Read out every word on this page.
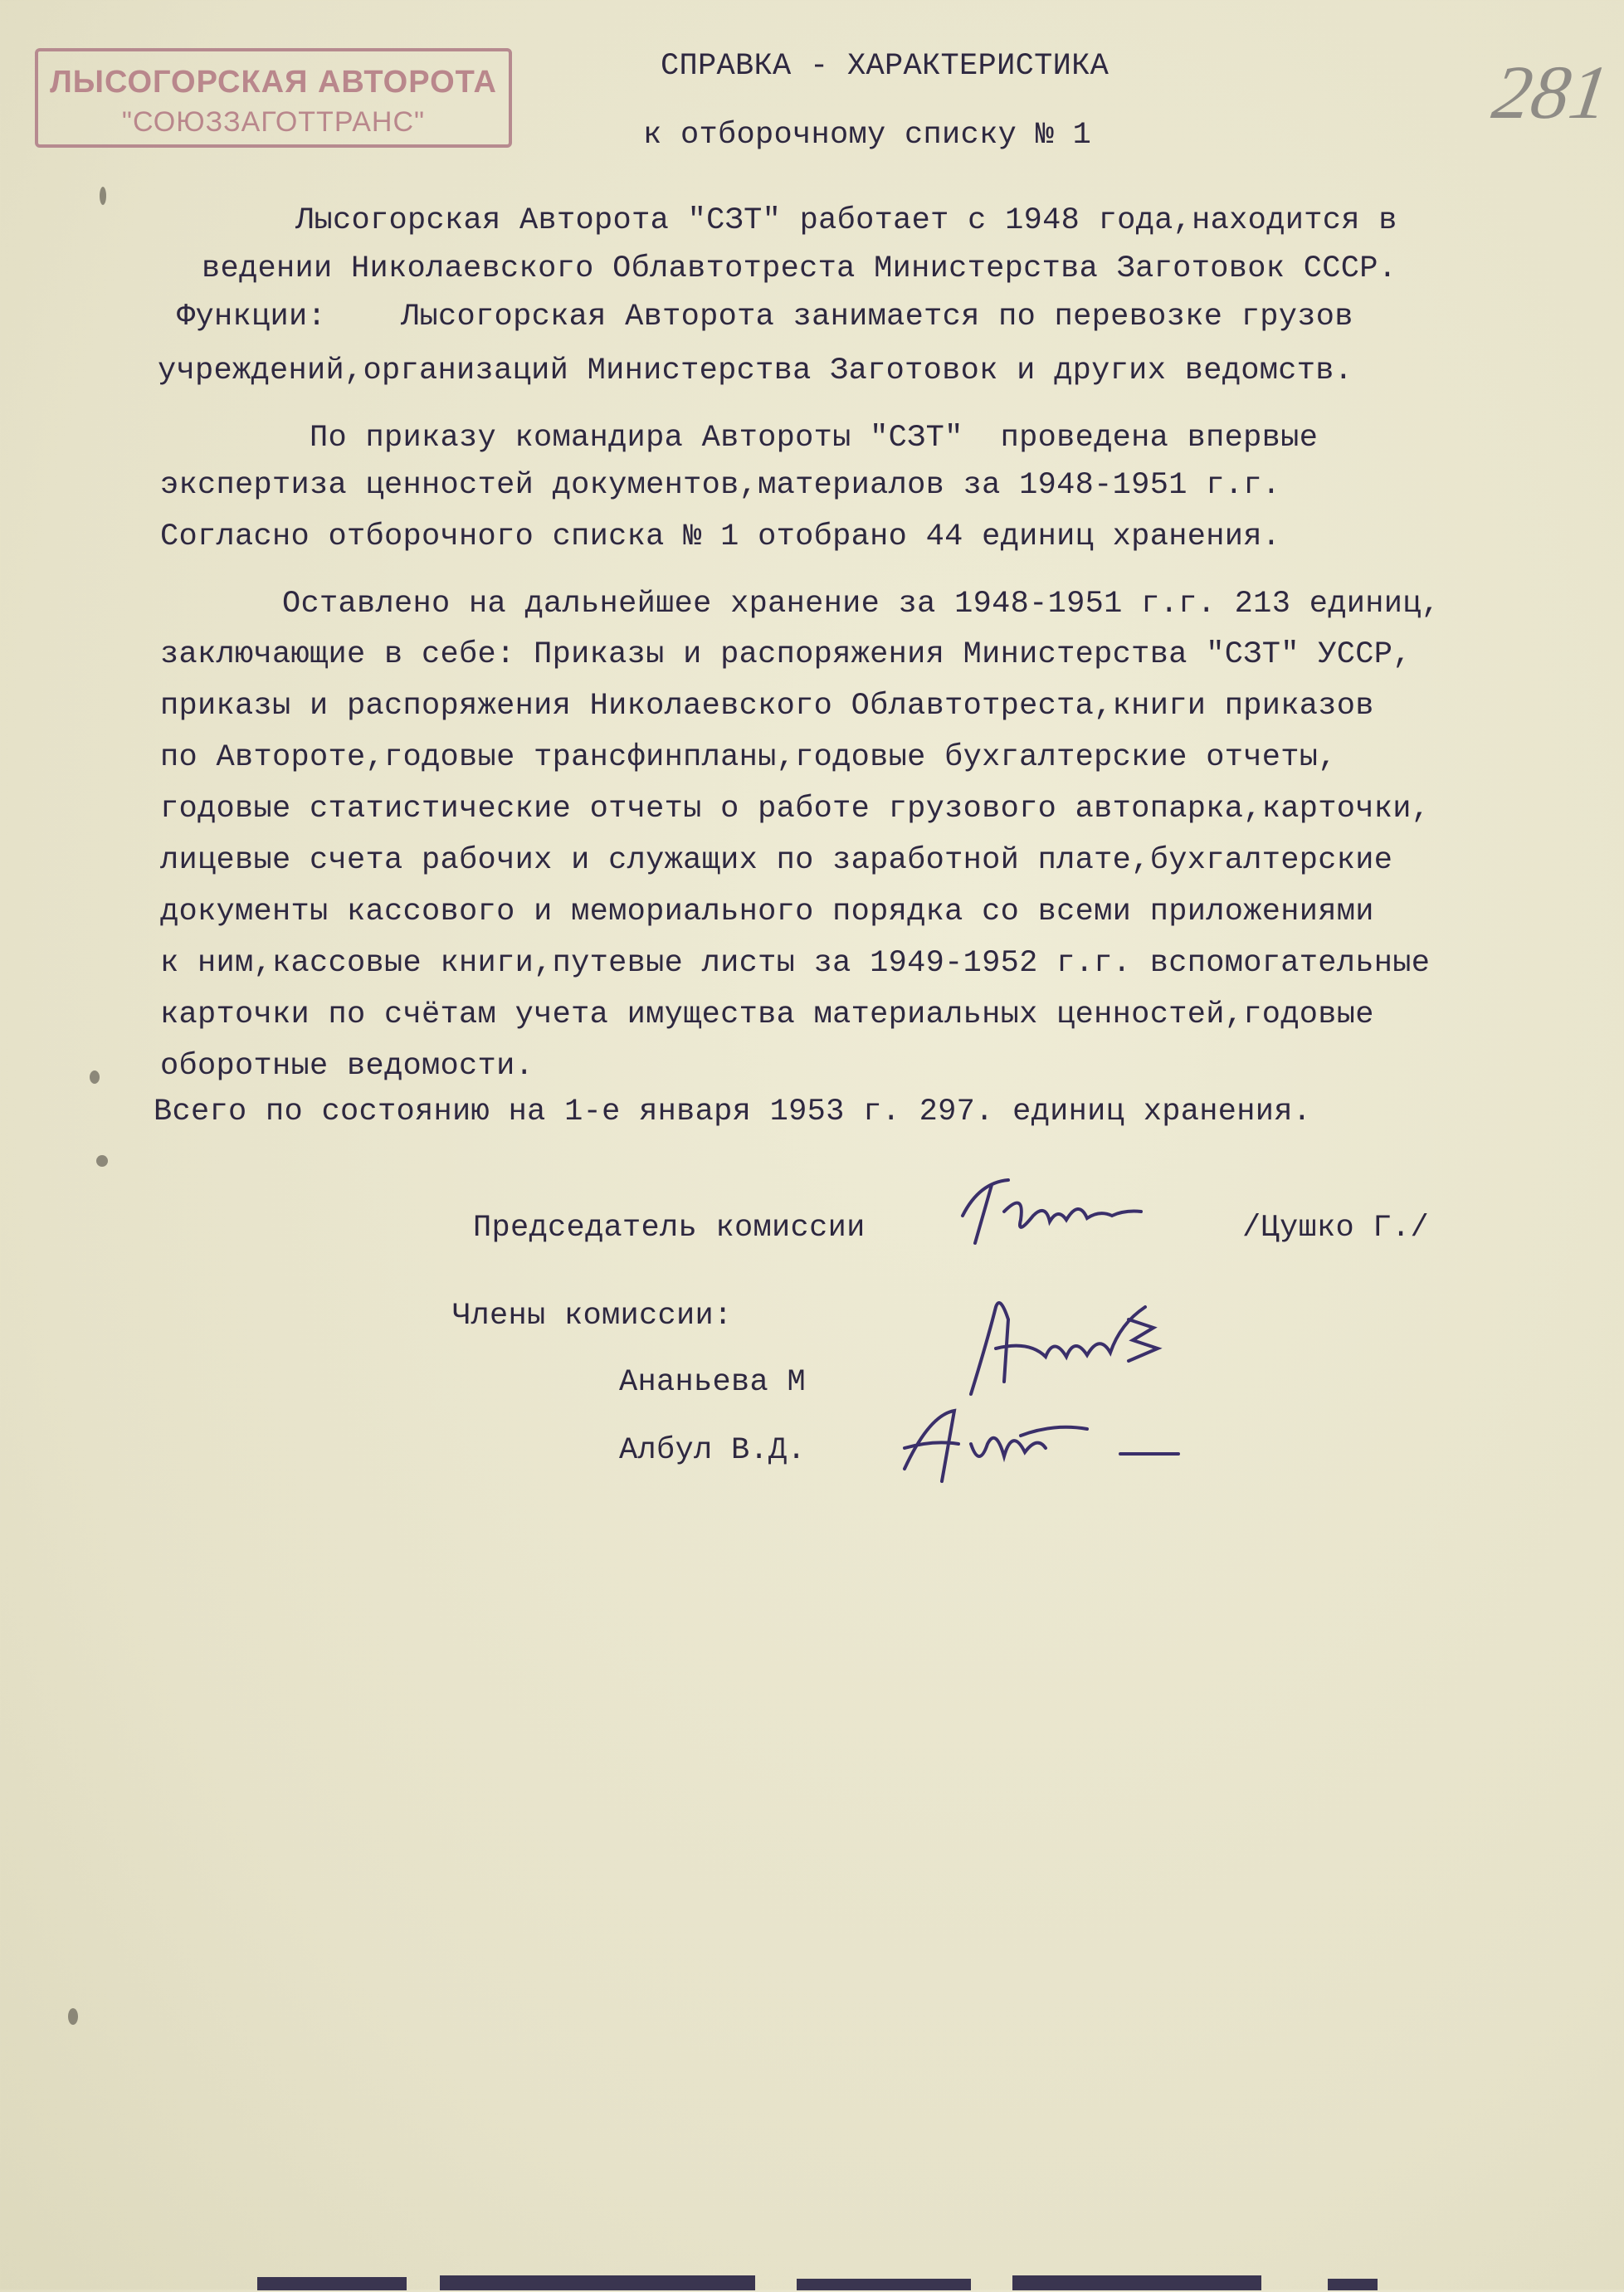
ЛЫСОГОРСКАЯ АВТОРОТА
"СОЮЗЗАГОТТРАНС"	281
СПРАВКА - ХАРАКТЕРИСТИКА
к отборочному списку № 1
Лысогорская Авторота "СЗТ" работает с 1948 года,находится в
ведении Николаевского Облавтотреста Министерства Заготовок СССР.
Функции:    Лысогорская Авторота занимается по перевозке грузов
учреждений,организаций Министерства Заготовок и других ведомств.
По приказу командира Автороты "СЗТ"  проведена впервые
экспертиза ценностей документов,материалов за 1948-1951 г.г.
Согласно отборочного списка № 1 отобрано 44 единиц хранения.
Оставлено на дальнейшее хранение за 1948-1951 г.г. 213 единиц,
заключающие в себе: Приказы и распоряжения Министерства "СЗТ" УССР,
приказы и распоряжения Николаевского Облавтотреста,книги приказов
по Автороте,годовые трансфинпланы,годовые бухгалтерские отчеты,
годовые статистические отчеты о работе грузового автопарка,карточки,
лицевые счета рабочих и служащих по заработной плате,бухгалтерские
документы кассового и мемориального порядка со всеми приложениями
к ним,кассовые книги,путевые листы за 1949-1952 г.г. вспомогательные
карточки по счётам учета имущества материальных ценностей,годовые
оборотные ведомости.
Всего по состоянию на 1-е января 1953 г. 297. единиц хранения.
Председатель комиссии	/Цушко Г./
Члены комиссии:
Ананьева М
Албул В.Д.
